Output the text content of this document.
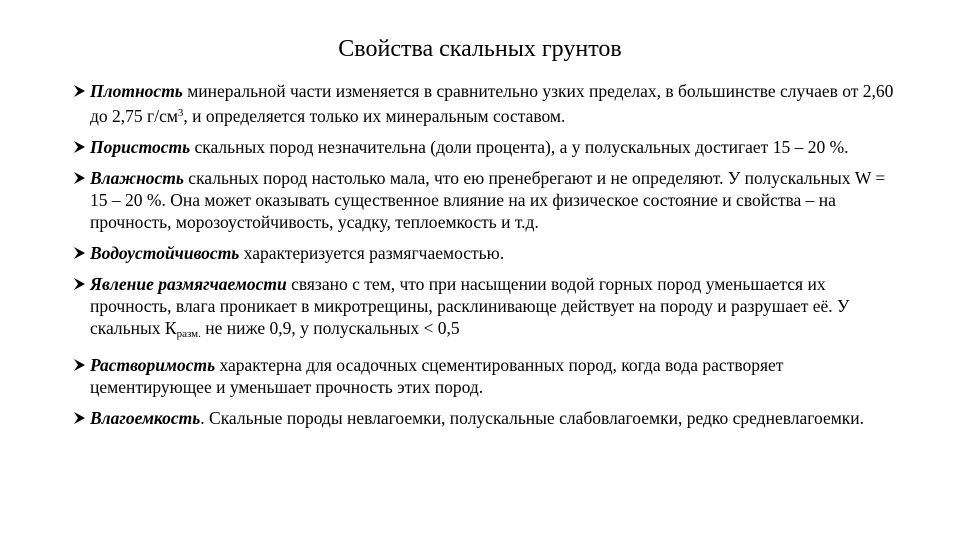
Свойства скальных грунтов
Плотность минеральной части изменяется в сравнительно узких пределах, в большинстве случаев от 2,60 до 2,75 $г/см^3$, и определяется только их минеральным составом.
Пористость скальных пород незначительна (доли процента), а у полускальных достигает 15 – 20 %.
Влажность скальных пород настолько мала, что ею пренебрегают и не определяют. У полускальных W = 15 – 20 %. Она может оказывать существенное влияние на их физическое состояние и свойства – на прочность, морозоустойчивость, усадку, теплоемкость и т.д.
Водоустойчивость характеризуется размягчаемостью.
Явление размягчаемости связано с тем, что при насыщении водой горных пород уменьшается их прочность, влага проникает в микротрещины, расклинивающе действует на породу и разрушает её. У скальных $К_{разм.}$ не ниже 0,9, у полускальных < 0,5
Растворимость характерна для осадочных сцементированных пород, когда вода растворяет цементирующее и уменьшает прочность этих пород.
Влагоемкость. Скальные породы невлагоемки, полускальные слабовлагоемки, редко средневлагоемки.
